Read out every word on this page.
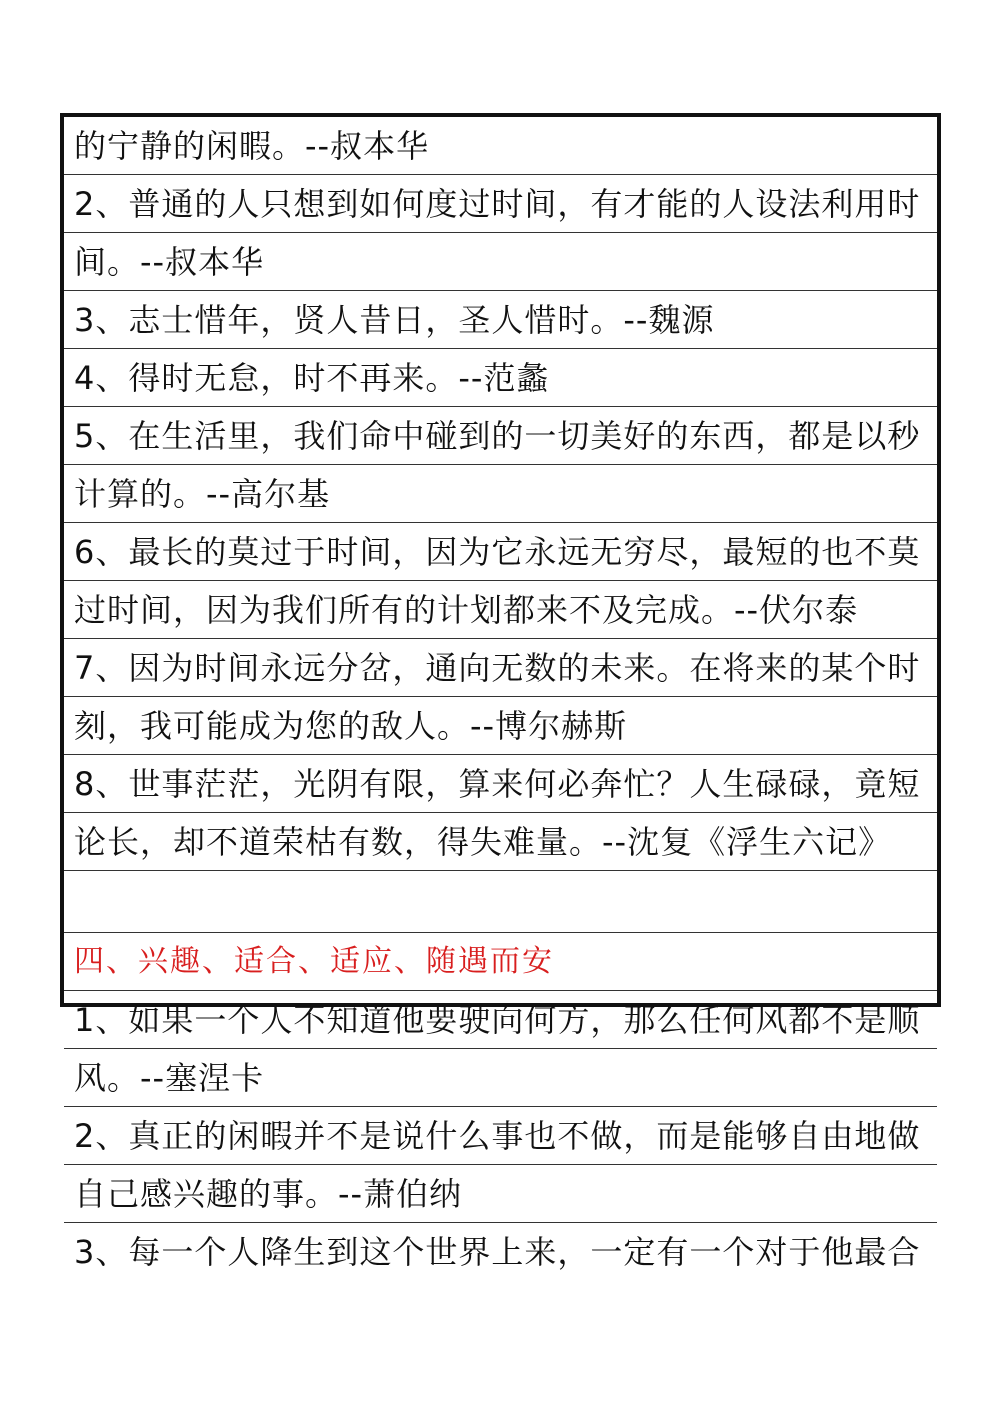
的宁静的闲暇。--叔本华
2、普通的人只想到如何度过时间，有才能的人设法利用时
间。--叔本华
3、志士惜年，贤人昔日，圣人惜时。--魏源
4、得时无怠，时不再来。--范蠡
5、在生活里，我们命中碰到的一切美好的东西，都是以秒
计算的。--高尔基
6、最长的莫过于时间，因为它永远无穷尽，最短的也不莫
过时间，因为我们所有的计划都来不及完成。--伏尔泰
7、因为时间永远分岔，通向无数的未来。在将来的某个时
刻，我可能成为您的敌人。--博尔赫斯
8、世事茫茫，光阴有限，算来何必奔忙？人生碌碌，竟短
论长，却不道荣枯有数，得失难量。--沈复《浮生六记》
四、兴趣、适合、适应、随遇而安
1、如果一个人不知道他要驶向何方，那么任何风都不是顺
风。--塞涅卡
2、真正的闲暇并不是说什么事也不做，而是能够自由地做
自己感兴趣的事。--萧伯纳
3、每一个人降生到这个世界上来，一定有一个对于他最合
